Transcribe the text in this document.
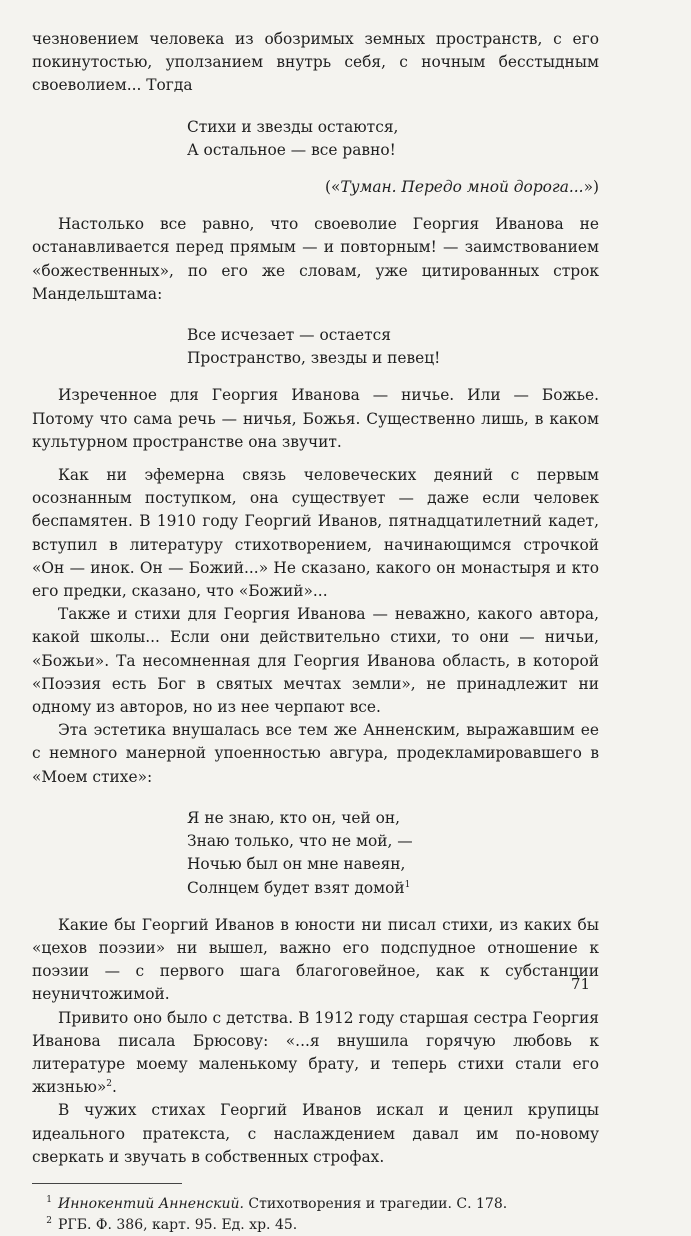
чезновением человека из обозримых земных пространств, с его покинутостью, уползанием внутрь себя, с ночным бесстыдным своеволием... Тогда

Стихи и звезды остаются,
А остальное — все равно!
(«Туман. Передо мной дорога...»)

Настолько все равно, что своеволие Георгия Иванова не останавливается перед прямым — и повторным! — заимствованием «божественных», по его же словам, уже цитированных строк Мандельштама:

Все исчезает — остается
Пространство, звезды и певец!

Изреченное для Георгия Иванова — ничье. Или — Божье. Потому что сама речь — ничья, Божья. Существенно лишь, в каком культурном пространстве она звучит.

Как ни эфемерна связь человеческих деяний с первым осознанным поступком, она существует — даже если человек беспамятен. В 1910 году Георгий Иванов, пятнадцатилетний кадет, вступил в литературу стихотворением, начинающимся строчкой «Он — инок. Он — Божий...» Не сказано, какого он монастыря и кто его предки, сказано, что «Божий»...

Также и стихи для Георгия Иванова — неважно, какого автора, какой школы... Если они действительно стихи, то они — ничьи, «Божьи». Та несомненная для Георгия Иванова область, в которой «Поэзия есть Бог в святых мечтах земли», не принадлежит ни одному из авторов, но из нее черпают все.

Эта эстетика внушалась все тем же Анненским, выражавшим ее с немного манерной упоенностью авгура, продекламировавшего в «Моем стихе»:

Я не знаю, кто он, чей он,
Знаю только, что не мой, —
Ночью был он мне навеян,
Солнцем будет взят домой$^1$

Какие бы Георгий Иванов в юности ни писал стихи, из каких бы «цехов поэзии» ни вышел, важно его подспудное отношение к поэзии — с первого шага благоговейное, как к субстанции неуничтожимой.

Привито оно было с детства. В 1912 году старшая сестра Георгия Иванова писала Брюсову: «...я внушила горячую любовь к литературе моему маленькому брату, и теперь стихи стали его жизнью»$^2$.

В чужих стихах Георгий Иванов искал и ценил крупицы идеального пратекста, с наслаждением давал им по-новому сверкать и звучать в собственных строфах.

1 Иннокентий Анненский. Стихотворения и трагедии. С. 178.
2 РГБ. Ф. 386, карт. 95. Ед. хр. 45.
71
